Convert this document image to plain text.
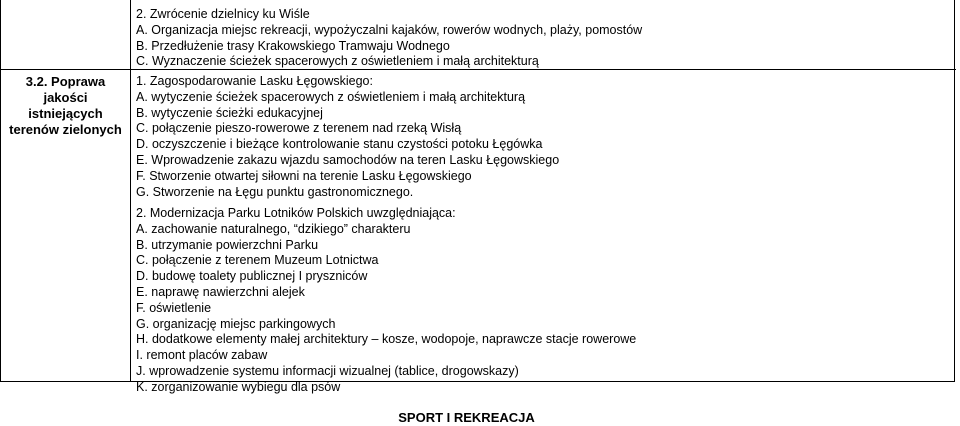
3.2. Poprawa
jakości
istniejących
terenów zielonych
2. Zwrócenie dzielnicy ku Wiśle
A. Organizacja miejsc rekreacji, wypożyczalni kajaków, rowerów wodnych, plaży, pomostów
B. Przedłużenie trasy Krakowskiego Tramwaju Wodnego
C. Wyznaczenie ścieżek spacerowych z oświetleniem i małą architekturą
1. Zagospodarowanie Lasku Łęgowskiego:
A. wytyczenie ścieżek spacerowych z oświetleniem i małą architekturą
B. wytyczenie ścieżki edukacyjnej
C. połączenie pieszo-rowerowe z terenem nad rzeką Wisłą
D. oczyszczenie i bieżące kontrolowanie stanu czystości potoku Łęgówka
E. Wprowadzenie zakazu wjazdu samochodów na teren Lasku Łęgowskiego
F. Stworzenie otwartej siłowni na terenie Lasku Łęgowskiego
G. Stworzenie na Łęgu punktu gastronomicznego.
2. Modernizacja Parku Lotników Polskich uwzględniająca:
A. zachowanie naturalnego, “dzikiego” charakteru
B. utrzymanie powierzchni Parku
C. połączenie z terenem Muzeum Lotnictwa
D. budowę toalety publicznej I pryszniców
E. naprawę nawierzchni alejek
F. oświetlenie
G. organizację miejsc parkingowych
H. dodatkowe elementy małej architektury – kosze, wodopoje, naprawcze stacje rowerowe
I. remont placów zabaw
J. wprowadzenie systemu informacji wizualnej (tablice, drogowskazy)
K. zorganizowanie wybiegu dla psów
SPORT I REKREACJA
